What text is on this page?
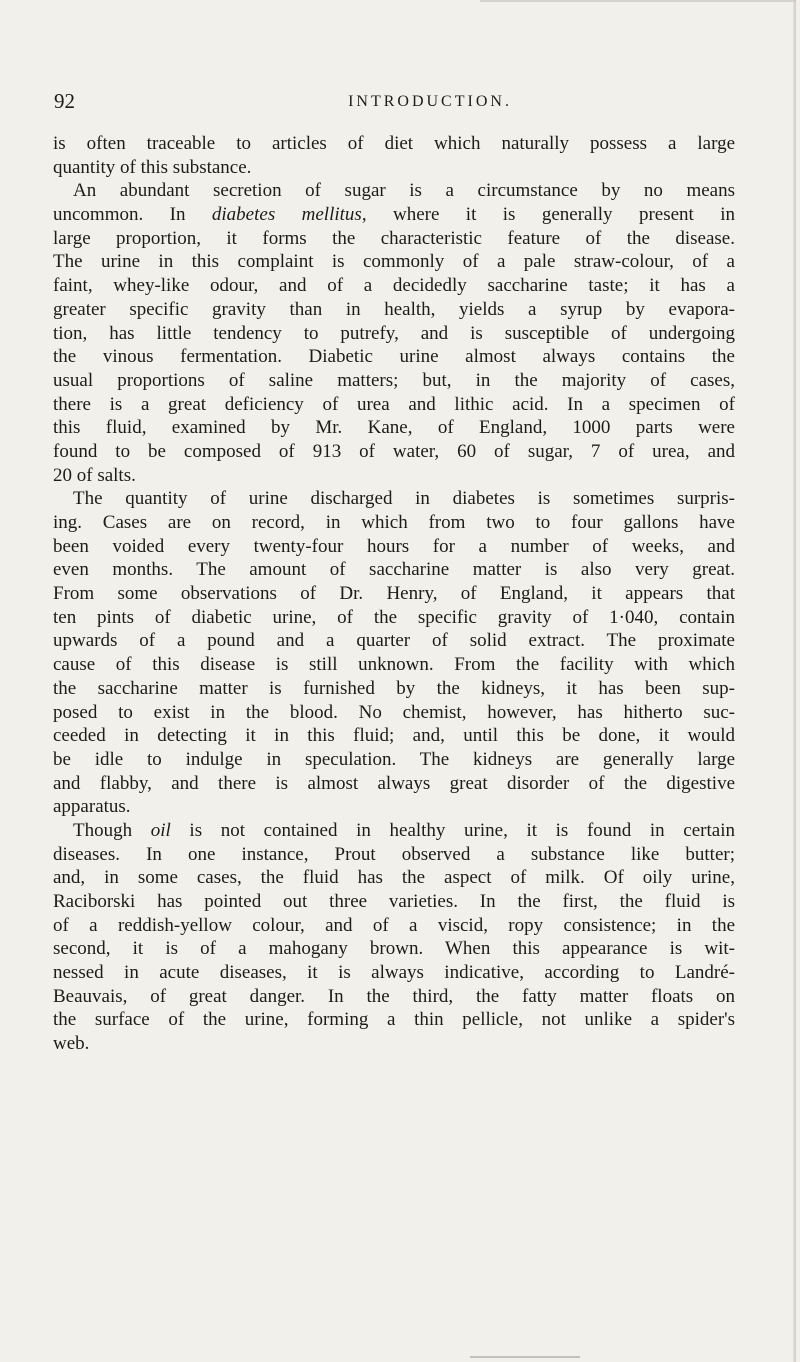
92	INTRODUCTION.
is often traceable to articles of diet which naturally possess a large
quantity of this substance.
An abundant secretion of sugar is a circumstance by no means
uncommon. In diabetes mellitus, where it is generally present in
large proportion, it forms the characteristic feature of the disease.
The urine in this complaint is commonly of a pale straw-colour, of a
faint, whey-like odour, and of a decidedly saccharine taste; it has a
greater specific gravity than in health, yields a syrup by evapora-
tion, has little tendency to putrefy, and is susceptible of undergoing
the vinous fermentation. Diabetic urine almost always contains the
usual proportions of saline matters; but, in the majority of cases,
there is a great deficiency of urea and lithic acid. In a specimen of
this fluid, examined by Mr. Kane, of England, 1000 parts were
found to be composed of 913 of water, 60 of sugar, 7 of urea, and
20 of salts.
The quantity of urine discharged in diabetes is sometimes surpris-
ing. Cases are on record, in which from two to four gallons have
been voided every twenty-four hours for a number of weeks, and
even months. The amount of saccharine matter is also very great.
From some observations of Dr. Henry, of England, it appears that
ten pints of diabetic urine, of the specific gravity of 1·040, contain
upwards of a pound and a quarter of solid extract. The proximate
cause of this disease is still unknown. From the facility with which
the saccharine matter is furnished by the kidneys, it has been sup-
posed to exist in the blood. No chemist, however, has hitherto suc-
ceeded in detecting it in this fluid; and, until this be done, it would
be idle to indulge in speculation. The kidneys are generally large
and flabby, and there is almost always great disorder of the digestive
apparatus.
Though oil is not contained in healthy urine, it is found in certain
diseases. In one instance, Prout observed a substance like butter;
and, in some cases, the fluid has the aspect of milk. Of oily urine,
Raciborski has pointed out three varieties. In the first, the fluid is
of a reddish-yellow colour, and of a viscid, ropy consistence; in the
second, it is of a mahogany brown. When this appearance is wit-
nessed in acute diseases, it is always indicative, according to Landré-
Beauvais, of great danger. In the third, the fatty matter floats on
the surface of the urine, forming a thin pellicle, not unlike a spider's
web.
